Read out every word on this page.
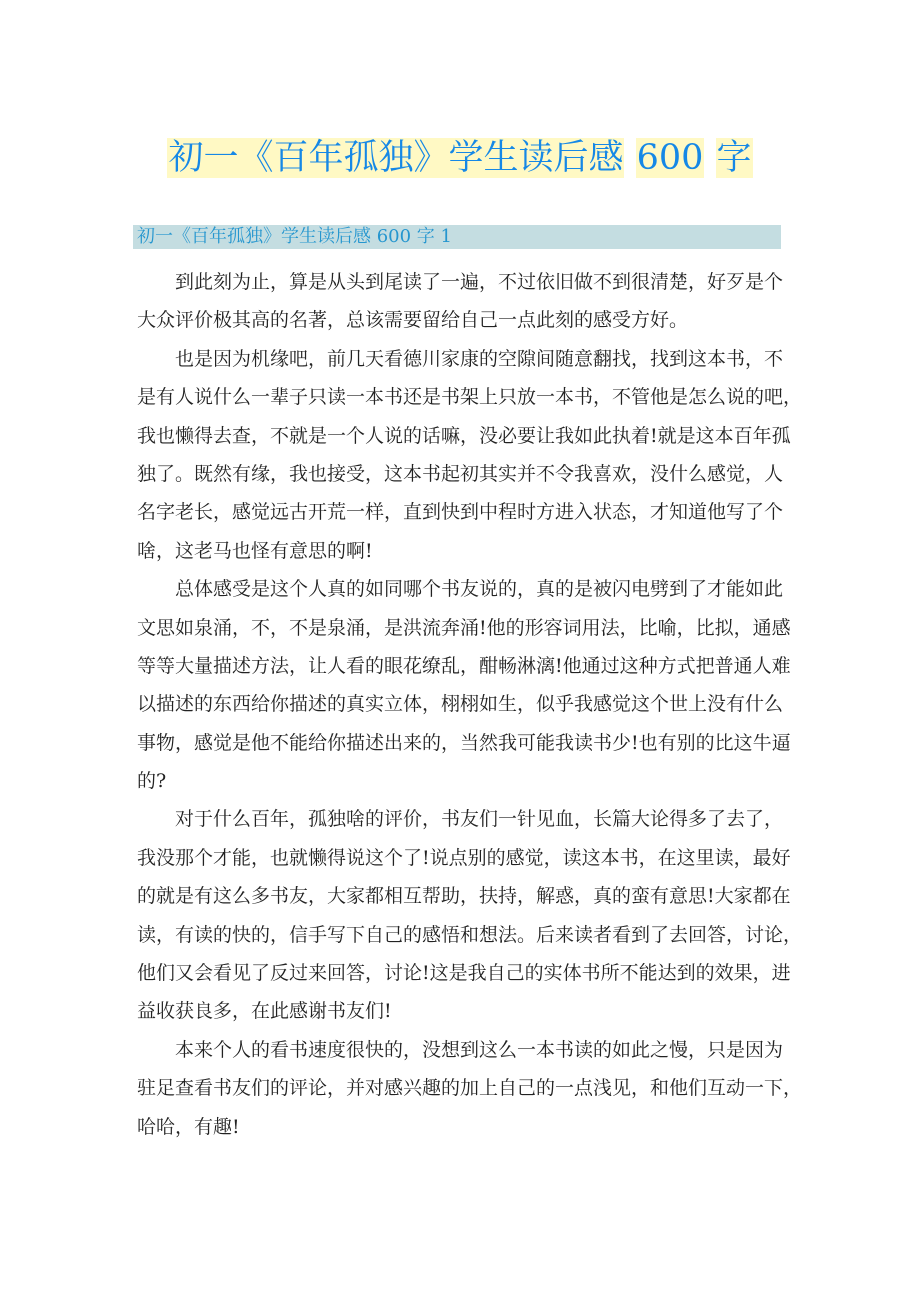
初一《百年孤独》学生读后感 600 字
初一《百年孤独》学生读后感 600 字 1
到此刻为止，算是从头到尾读了一遍，不过依旧做不到很清楚，好歹是个
大众评价极其高的名著，总该需要留给自己一点此刻的感受方好。
也是因为机缘吧，前几天看德川家康的空隙间随意翻找，找到这本书，不
是有人说什么一辈子只读一本书还是书架上只放一本书，不管他是怎么说的吧，
我也懒得去查，不就是一个人说的话嘛，没必要让我如此执着!就是这本百年孤
独了。既然有缘，我也接受，这本书起初其实并不令我喜欢，没什么感觉，人
名字老长，感觉远古开荒一样，直到快到中程时方进入状态，才知道他写了个
啥，这老马也怪有意思的啊!
总体感受是这个人真的如同哪个书友说的，真的是被闪电劈到了才能如此
文思如泉涌，不，不是泉涌，是洪流奔涌!他的形容词用法，比喻，比拟，通感
等等大量描述方法，让人看的眼花缭乱，酣畅淋漓!他通过这种方式把普通人难
以描述的东西给你描述的真实立体，栩栩如生，似乎我感觉这个世上没有什么
事物，感觉是他不能给你描述出来的，当然我可能我读书少!也有别的比这牛逼
的?
对于什么百年，孤独啥的评价，书友们一针见血，长篇大论得多了去了，
我没那个才能，也就懒得说这个了!说点别的感觉，读这本书，在这里读，最好
的就是有这么多书友，大家都相互帮助，扶持，解惑，真的蛮有意思!大家都在
读，有读的快的，信手写下自己的感悟和想法。后来读者看到了去回答，讨论，
他们又会看见了反过来回答，讨论!这是我自己的实体书所不能达到的效果，进
益收获良多，在此感谢书友们!
本来个人的看书速度很快的，没想到这么一本书读的如此之慢，只是因为
驻足查看书友们的评论，并对感兴趣的加上自己的一点浅见，和他们互动一下，
哈哈，有趣!
